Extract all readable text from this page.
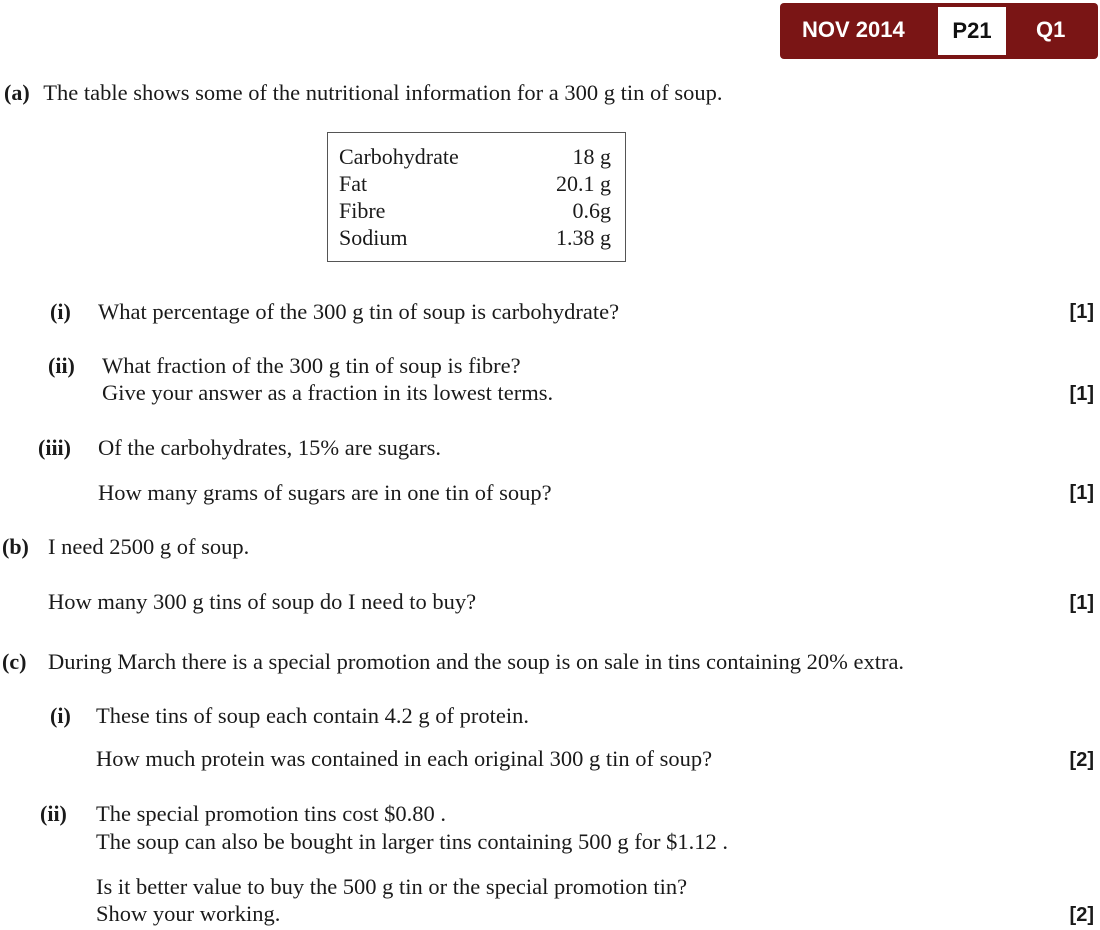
NOV 2014	P21	Q1
(a) The table shows some of the nutritional information for a 300 g tin of soup.
Carbohydrate	18 g
Fat	20.1 g
Fibre	0.6g
Sodium	1.38 g
(i) What percentage of the 300 g tin of soup is carbohydrate?	[1]
(ii) What fraction of the 300 g tin of soup is fibre?
Give your answer as a fraction in its lowest terms.	[1]
(iii) Of the carbohydrates, 15% are sugars.
How many grams of sugars are in one tin of soup?	[1]
(b) I need 2500 g of soup.
How many 300 g tins of soup do I need to buy?	[1]
(c) During March there is a special promotion and the soup is on sale in tins containing 20% extra.
(i) These tins of soup each contain 4.2 g of protein.
How much protein was contained in each original 300 g tin of soup?	[2]
(ii) The special promotion tins cost $0.80 .
The soup can also be bought in larger tins containing 500 g for $1.12 .
Is it better value to buy the 500 g tin or the special promotion tin?
Show your working.	[2]
